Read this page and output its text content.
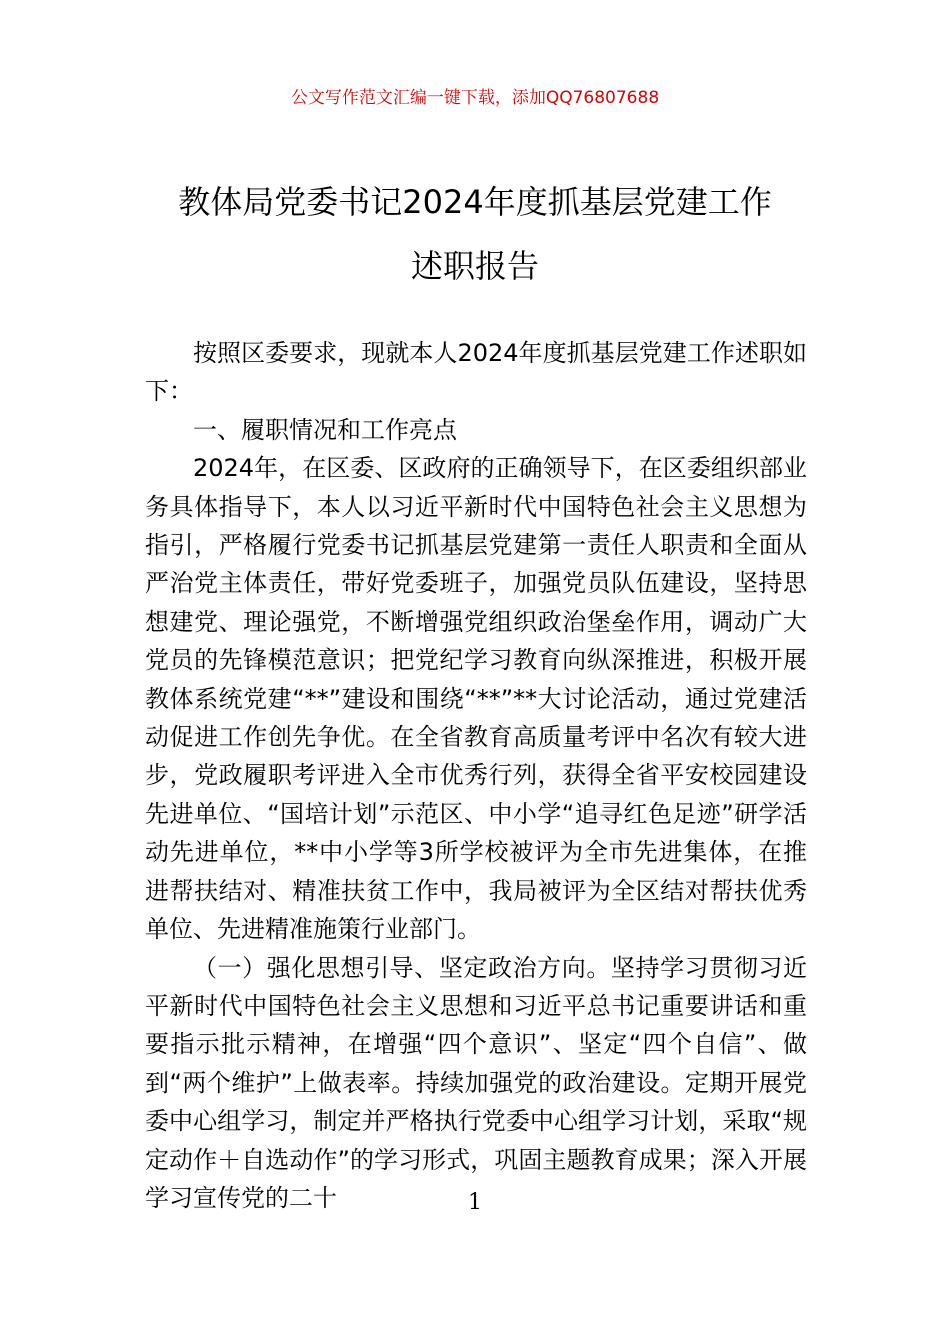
公文写作范文汇编一键下载，添加QQ76807688
教体局党委书记2024年度抓基层党建工作
述职报告

按照区委要求，现就本人2024年度抓基层党建工作述职如下：

一、履职情况和工作亮点

2024年，在区委、区政府的正确领导下，在区委组织部业务具体指导下，本人以习近平新时代中国特色社会主义思想为指引，严格履行党委书记抓基层党建第一责任人职责和全面从严治党主体责任，带好党委班子，加强党员队伍建设，坚持思想建党、理论强党，不断增强党组织政治堡垒作用，调动广大党员的先锋模范意识；把党纪学习教育向纵深推进，积极开展教体系统党建“**”建设和围绕“**”**大讨论活动，通过党建活动促进工作创先争优。在全省教育高质量考评中名次有较大进步，党政履职考评进入全市优秀行列，获得全省平安校园建设先进单位、“国培计划”示范区、中小学“追寻红色足迹”研学活动先进单位，**中小学等3所学校被评为全市先进集体，在推进帮扶结对、精准扶贫工作中，我局被评为全区结对帮扶优秀单位、先进精准施策行业部门。

（一）强化思想引导、坚定政治方向。坚持学习贯彻习近平新时代中国特色社会主义思想和习近平总书记重要讲话和重要指示批示精神，在增强“四个意识”、坚定“四个自信”、做到“两个维护”上做表率。持续加强党的政治建设。定期开展党委中心组学习，制定并严格执行党委中心组学习计划，采取“规定动作＋自选动作”的学习形式，巩固主题教育成果；深入开展学习宣传党的二十	1
